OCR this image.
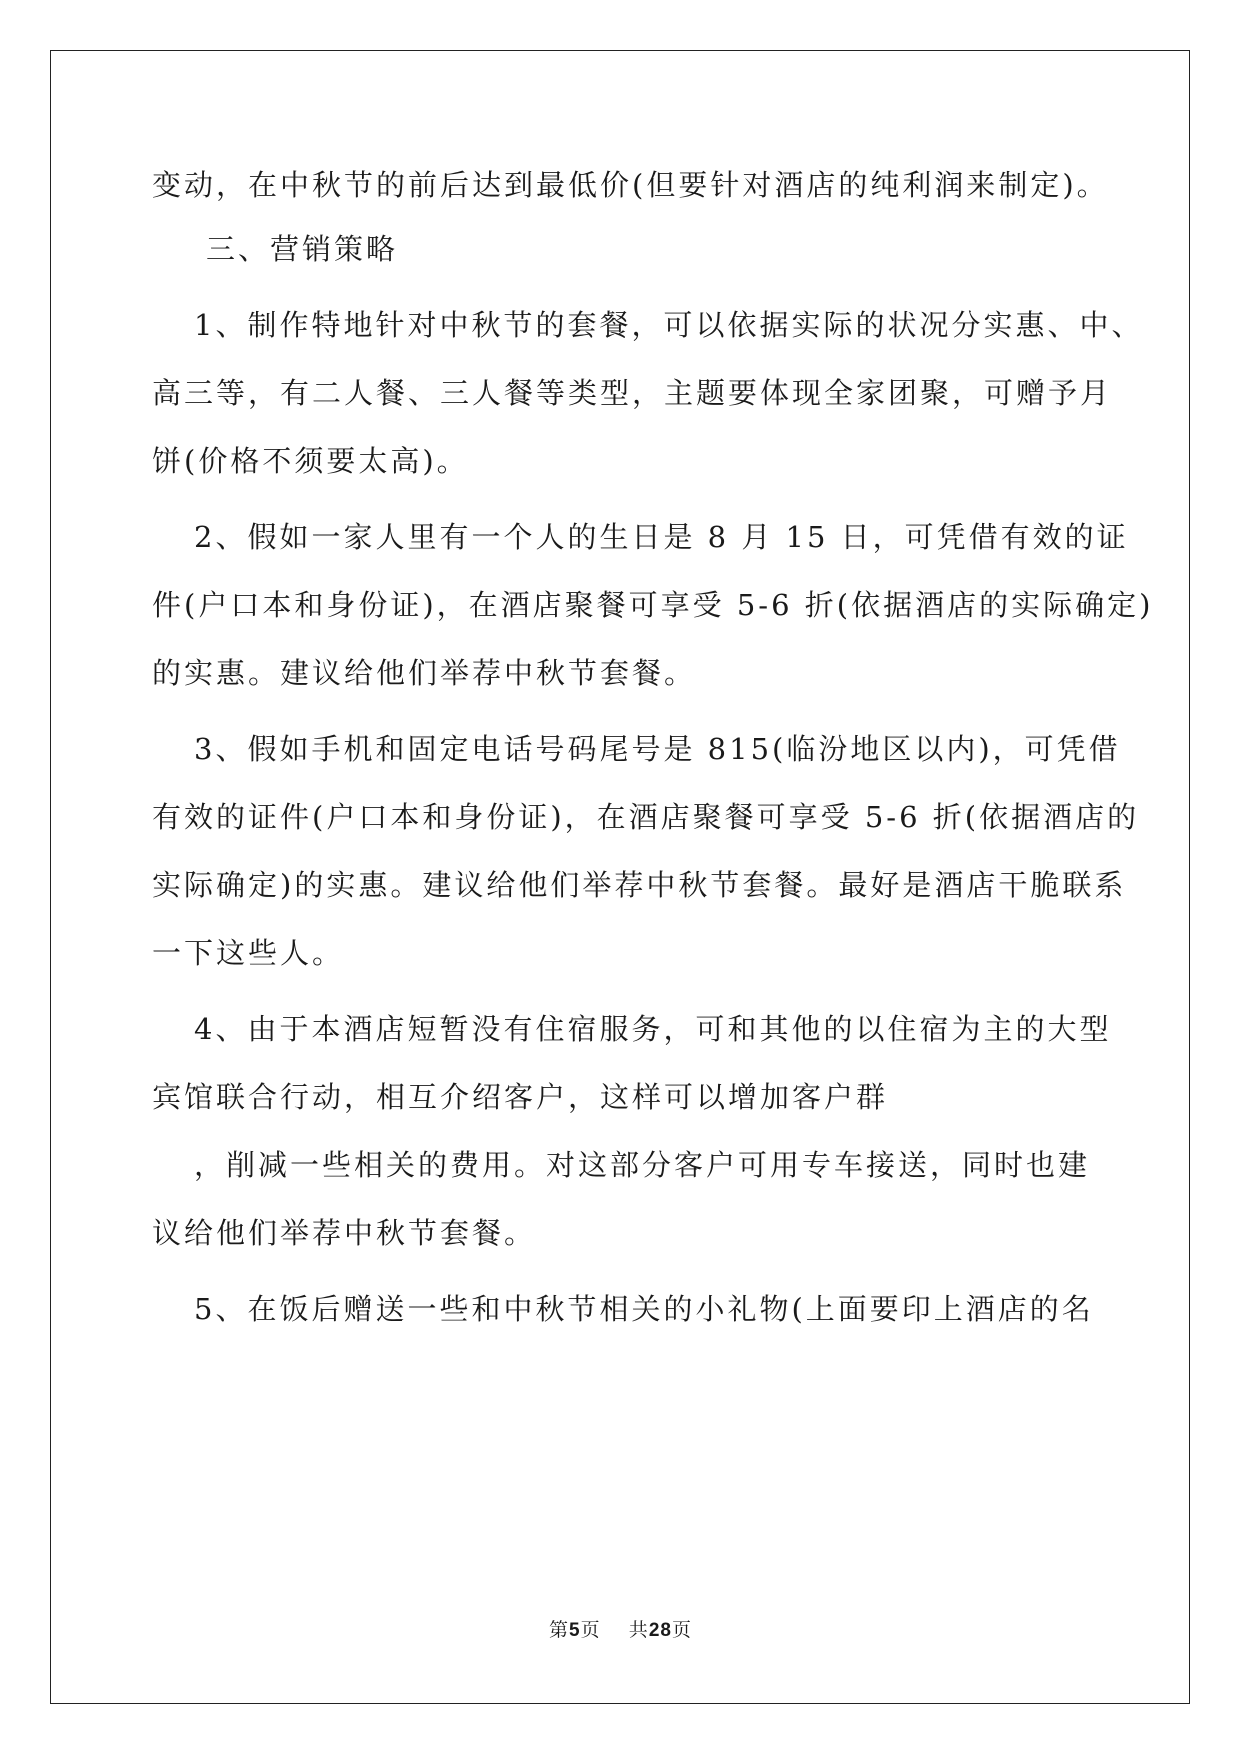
变动，在中秋节的前后达到最低价(但要针对酒店的纯利润来制定)。
三、营销策略
1、制作特地针对中秋节的套餐，可以依据实际的状况分实惠、中、
高三等，有二人餐、三人餐等类型，主题要体现全家团聚，可赠予月
饼(价格不须要太高)。
2、假如一家人里有一个人的生日是 8 月 15 日，可凭借有效的证
件(户口本和身份证)，在酒店聚餐可享受 5-6 折(依据酒店的实际确定)
的实惠。建议给他们举荐中秋节套餐。
3、假如手机和固定电话号码尾号是 815(临汾地区以内)，可凭借
有效的证件(户口本和身份证)，在酒店聚餐可享受 5-6 折(依据酒店的
实际确定)的实惠。建议给他们举荐中秋节套餐。最好是酒店干脆联系
一下这些人。
4、由于本酒店短暂没有住宿服务，可和其他的以住宿为主的大型
宾馆联合行动，相互介绍客户，这样可以增加客户群
，削减一些相关的费用。对这部分客户可用专车接送，同时也建
议给他们举荐中秋节套餐。
5、在饭后赠送一些和中秋节相关的小礼物(上面要印上酒店的名
第5页 共28页
